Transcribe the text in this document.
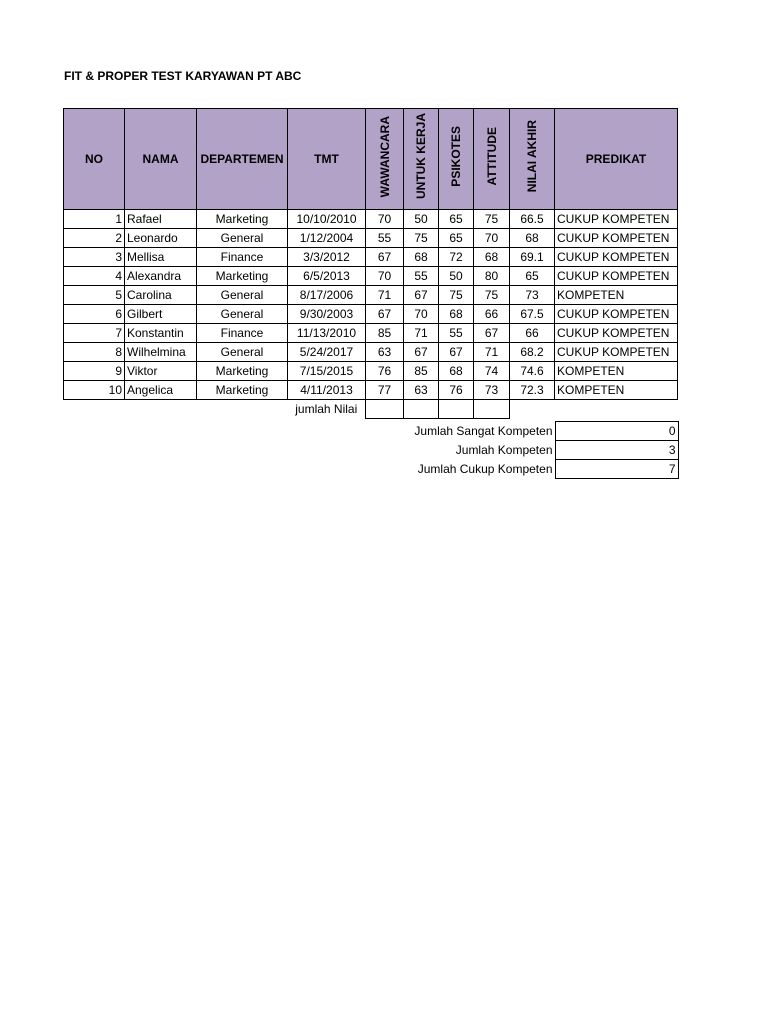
FIT & PROPER TEST KARYAWAN PT ABC
NO	NAMA	DEPARTEMEN	TMT	WAWANCARA	UNTUK KERJA	PSIKOTES	ATTITUDE	NILAI AKHIR	PREDIKAT
1	Rafael	Marketing	10/10/2010	70	50	65	75	66.5	CUKUP KOMPETEN
2	Leonardo	General	1/12/2004	55	75	65	70	68	CUKUP KOMPETEN
3	Mellisa	Finance	3/3/2012	67	68	72	68	69.1	CUKUP KOMPETEN
4	Alexandra	Marketing	6/5/2013	70	55	50	80	65	CUKUP KOMPETEN
5	Carolina	General	8/17/2006	71	67	75	75	73	KOMPETEN
6	Gilbert	General	9/30/2003	67	70	68	66	67.5	CUKUP KOMPETEN
7	Konstantin	Finance	11/13/2010	85	71	55	67	66	CUKUP KOMPETEN
8	Wilhelmina	General	5/24/2017	63	67	67	71	68.2	CUKUP KOMPETEN
9	Viktor	Marketing	7/15/2015	76	85	68	74	74.6	KOMPETEN
10	Angelica	Marketing	4/11/2013	77	63	76	73	72.3	KOMPETEN
			jumlah Nilai						
Jumlah Sangat Kompeten	0
Jumlah Kompeten	3
Jumlah Cukup Kompeten	7
